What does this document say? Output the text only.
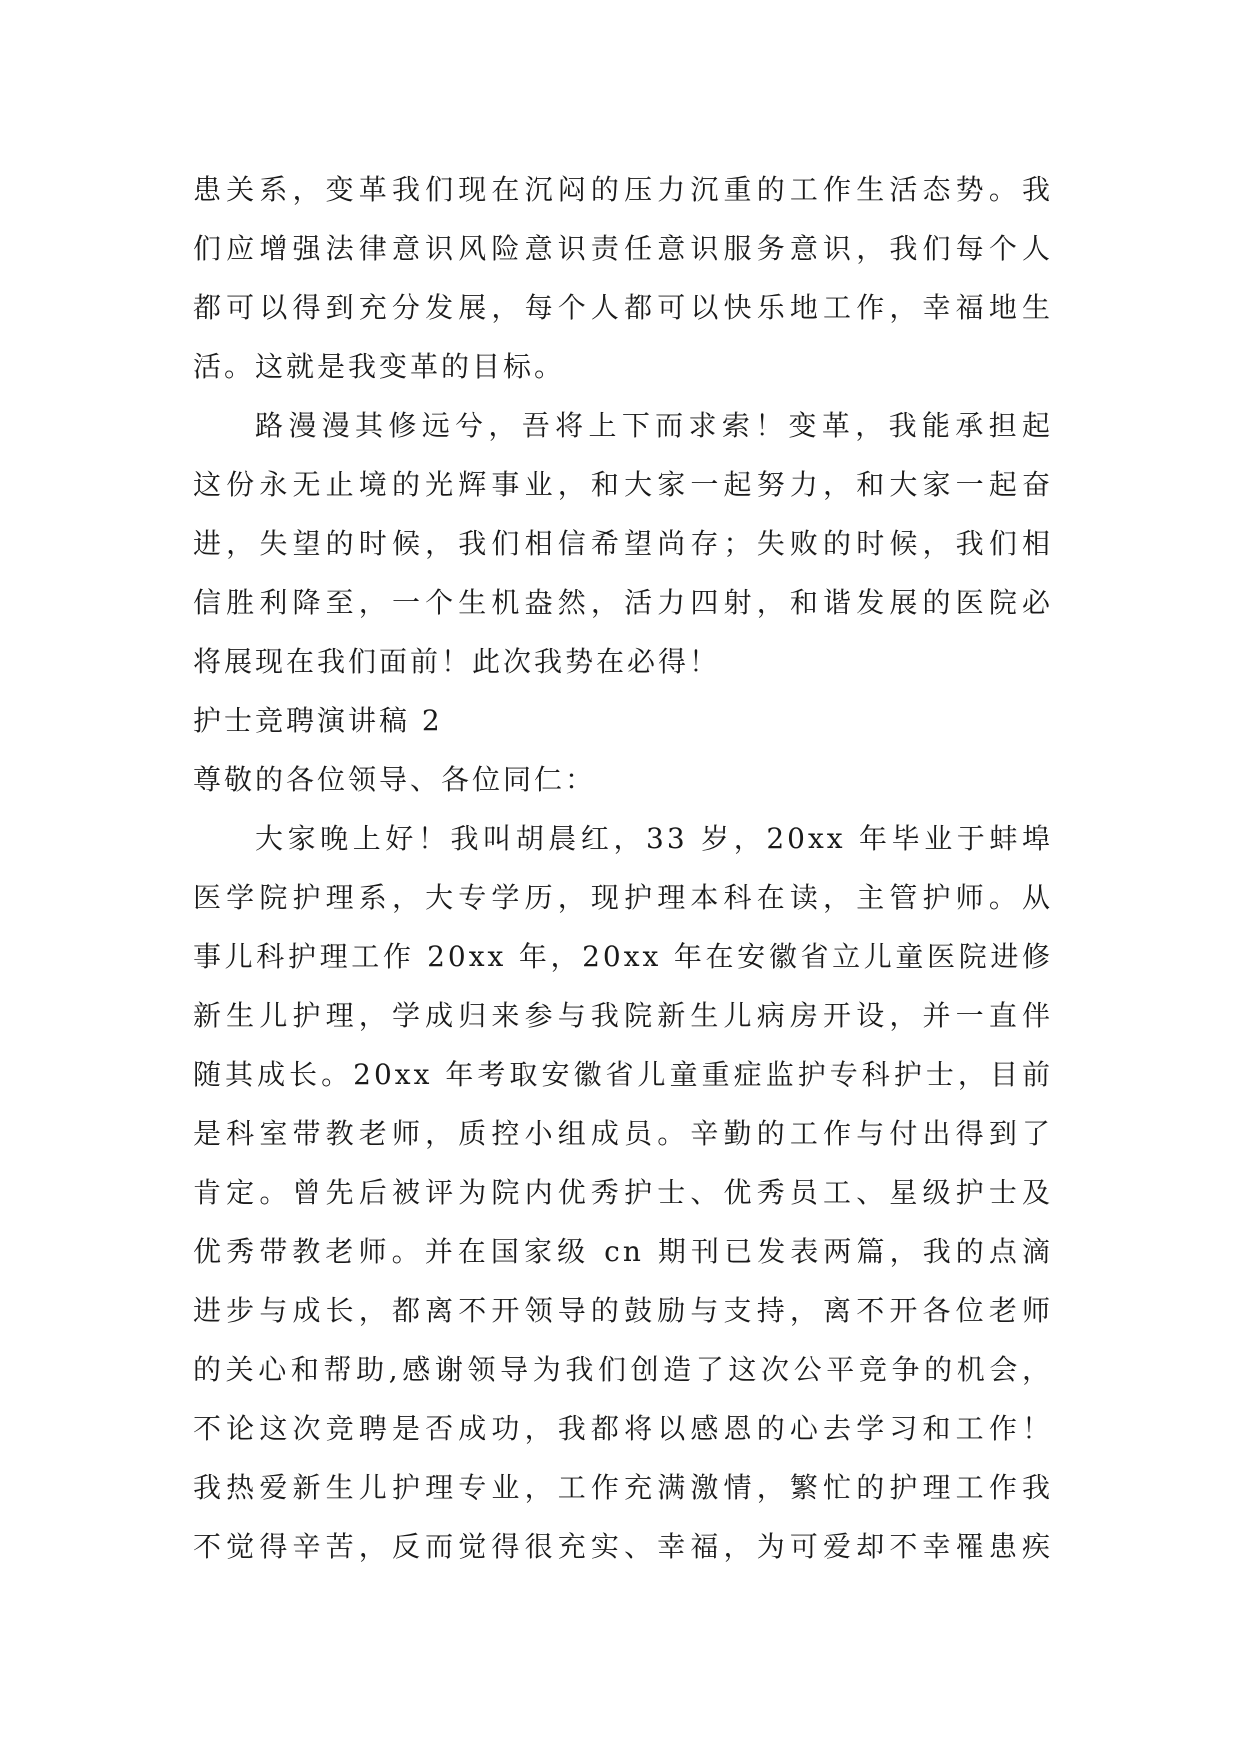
患关系，变革我们现在沉闷的压力沉重的工作生活态势。我
们应增强法律意识风险意识责任意识服务意识，我们每个人
都可以得到充分发展，每个人都可以快乐地工作，幸福地生
活。这就是我变革的目标。
路漫漫其修远兮，吾将上下而求索！变革，我能承担起
这份永无止境的光辉事业，和大家一起努力，和大家一起奋
进，失望的时候，我们相信希望尚存；失败的时候，我们相
信胜利降至，一个生机盎然，活力四射，和谐发展的医院必
将展现在我们面前！此次我势在必得！
护士竞聘演讲稿 2
尊敬的各位领导、各位同仁：
大家晚上好！我叫胡晨红，33 岁，20xx 年毕业于蚌埠
医学院护理系，大专学历，现护理本科在读，主管护师。从
事儿科护理工作 20xx 年，20xx 年在安徽省立儿童医院进修
新生儿护理，学成归来参与我院新生儿病房开设，并一直伴
随其成长。20xx 年考取安徽省儿童重症监护专科护士，目前
是科室带教老师，质控小组成员。辛勤的工作与付出得到了
肯定。曾先后被评为院内优秀护士、优秀员工、星级护士及
优秀带教老师。并在国家级 cn 期刊已发表两篇，我的点滴
进步与成长，都离不开领导的鼓励与支持，离不开各位老师
的关心和帮助,感谢领导为我们创造了这次公平竞争的机会，
不论这次竞聘是否成功，我都将以感恩的心去学习和工作！
我热爱新生儿护理专业，工作充满激情，繁忙的护理工作我
不觉得辛苦，反而觉得很充实、幸福，为可爱却不幸罹患疾
